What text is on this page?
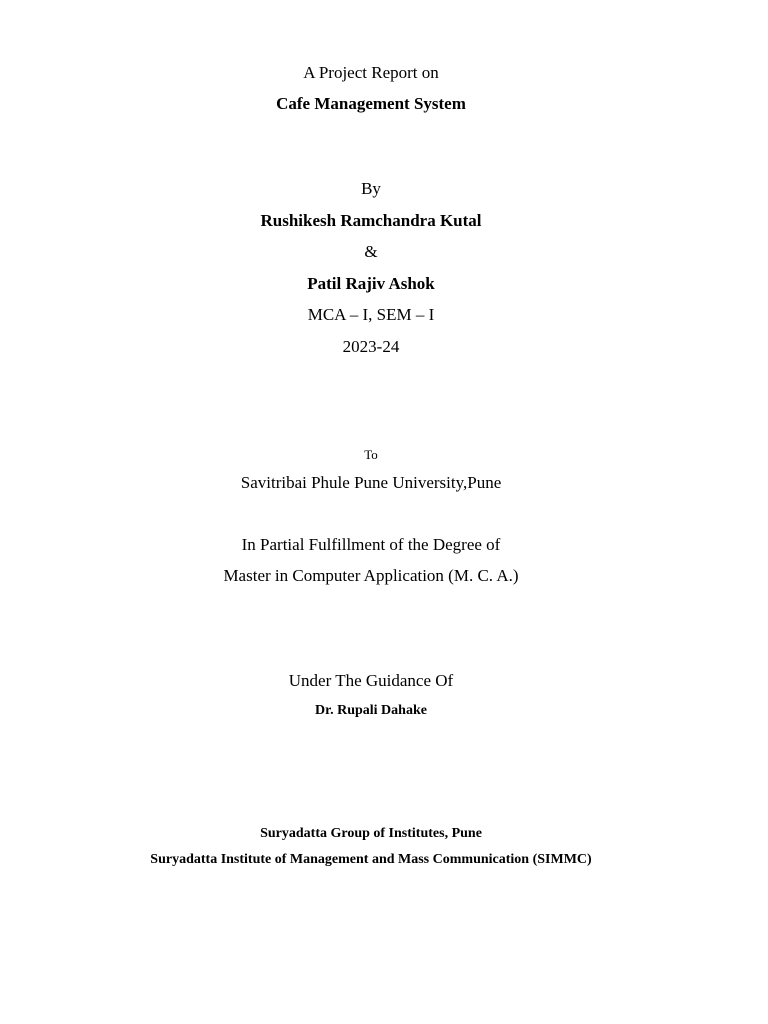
A Project Report on
Cafe Management System
By
Rushikesh Ramchandra Kutal
&
Patil Rajiv Ashok
MCA – I, SEM – I
2023-24
To
Savitribai Phule Pune University,Pune
In Partial Fulfillment of the Degree of
Master in Computer Application (M. C. A.)
Under The Guidance Of
Dr. Rupali Dahake
Suryadatta Group of Institutes, Pune
Suryadatta Institute of Management and Mass Communication (SIMMC)
